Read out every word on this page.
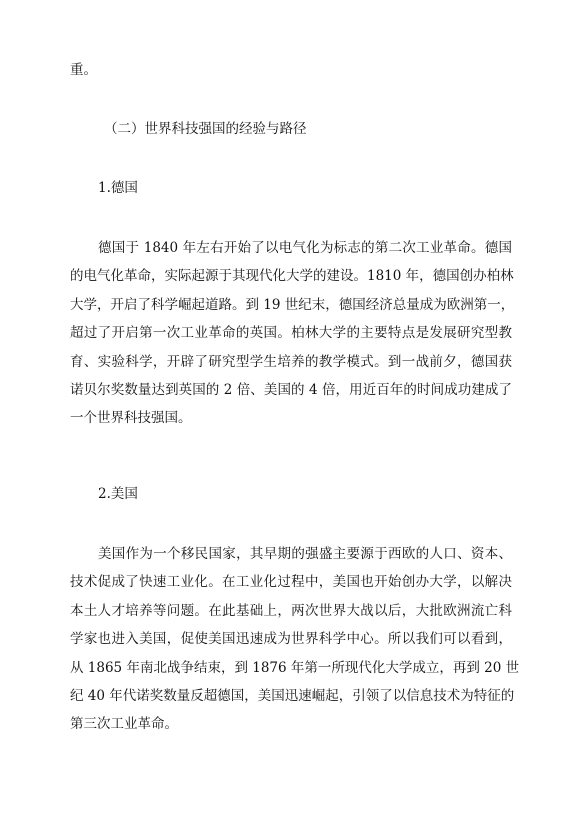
重。
（二）世界科技强国的经验与路径
1.德国
德国于 1840 年左右开始了以电气化为标志的第二次工业革命。德国
的电气化革命，实际起源于其现代化大学的建设。1810 年，德国创办柏林
大学，开启了科学崛起道路。到 19 世纪末，德国经济总量成为欧洲第一，
超过了开启第一次工业革命的英国。柏林大学的主要特点是发展研究型教
育、实验科学，开辟了研究型学生培养的教学模式。到一战前夕，德国获
诺贝尔奖数量达到英国的 2 倍、美国的 4 倍，用近百年的时间成功建成了
一个世界科技强国。
2.美国
美国作为一个移民国家，其早期的强盛主要源于西欧的人口、资本、
技术促成了快速工业化。在工业化过程中，美国也开始创办大学，以解决
本土人才培养等问题。在此基础上，两次世界大战以后，大批欧洲流亡科
学家也进入美国，促使美国迅速成为世界科学中心。所以我们可以看到，
从 1865 年南北战争结束，到 1876 年第一所现代化大学成立，再到 20 世
纪 40 年代诺奖数量反超德国，美国迅速崛起，引领了以信息技术为特征的
第三次工业革命。
